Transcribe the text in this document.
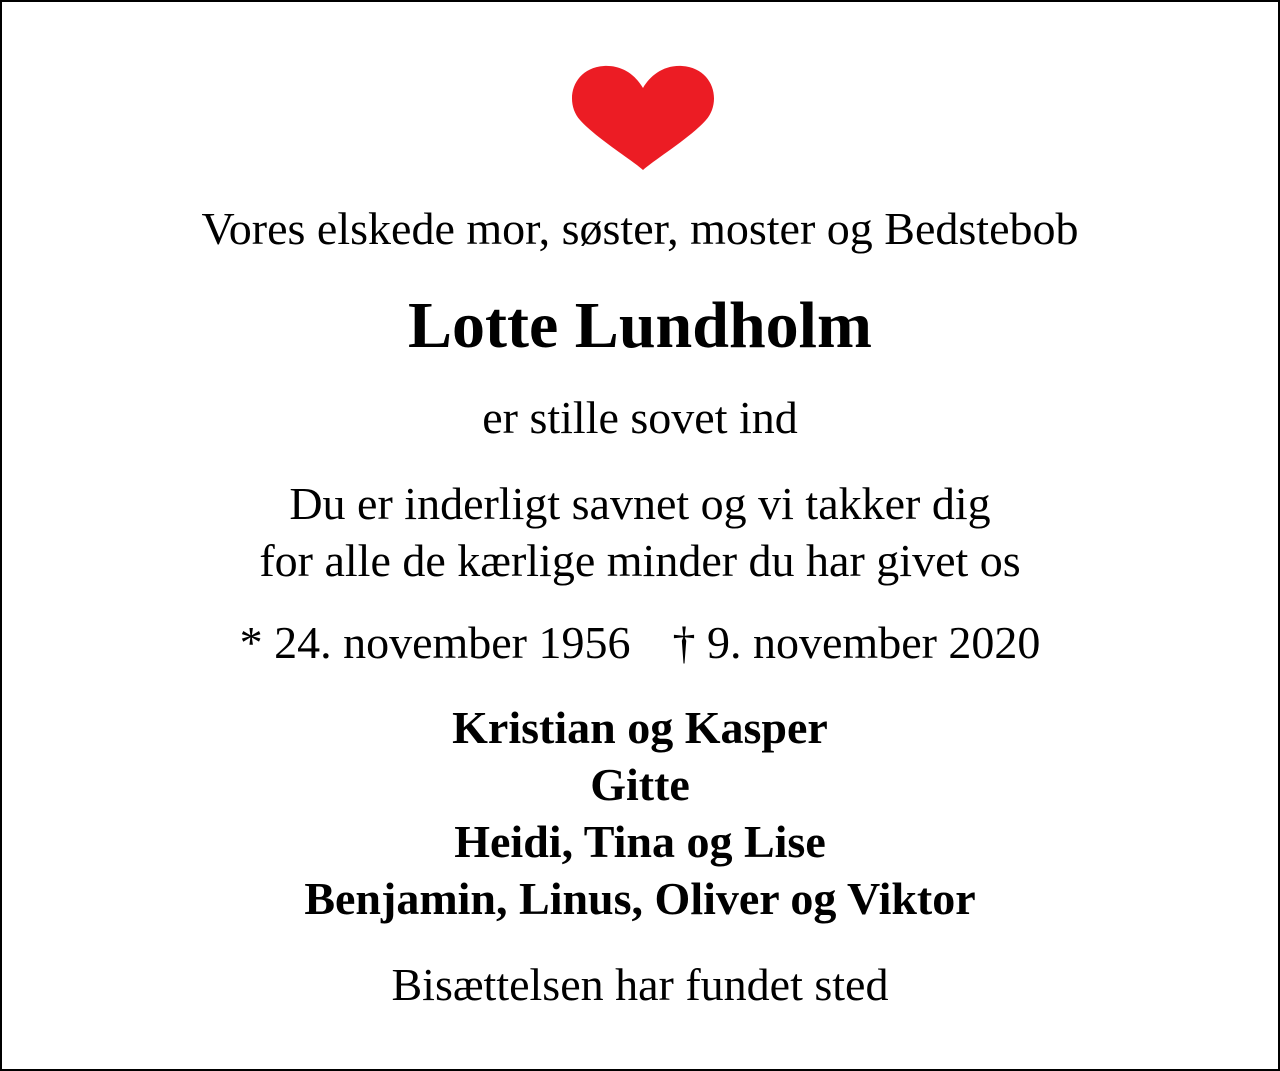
Vores elskede mor, søster, moster og Bedstebob
Lotte Lundholm
er stille sovet ind
Du er inderligt savnet og vi takker dig
for alle de kærlige minder du har givet os
* 24. november 1956 † 9. november 2020
Kristian og Kasper
Gitte
Heidi, Tina og Lise
Benjamin, Linus, Oliver og Viktor
Bisættelsen har fundet sted
